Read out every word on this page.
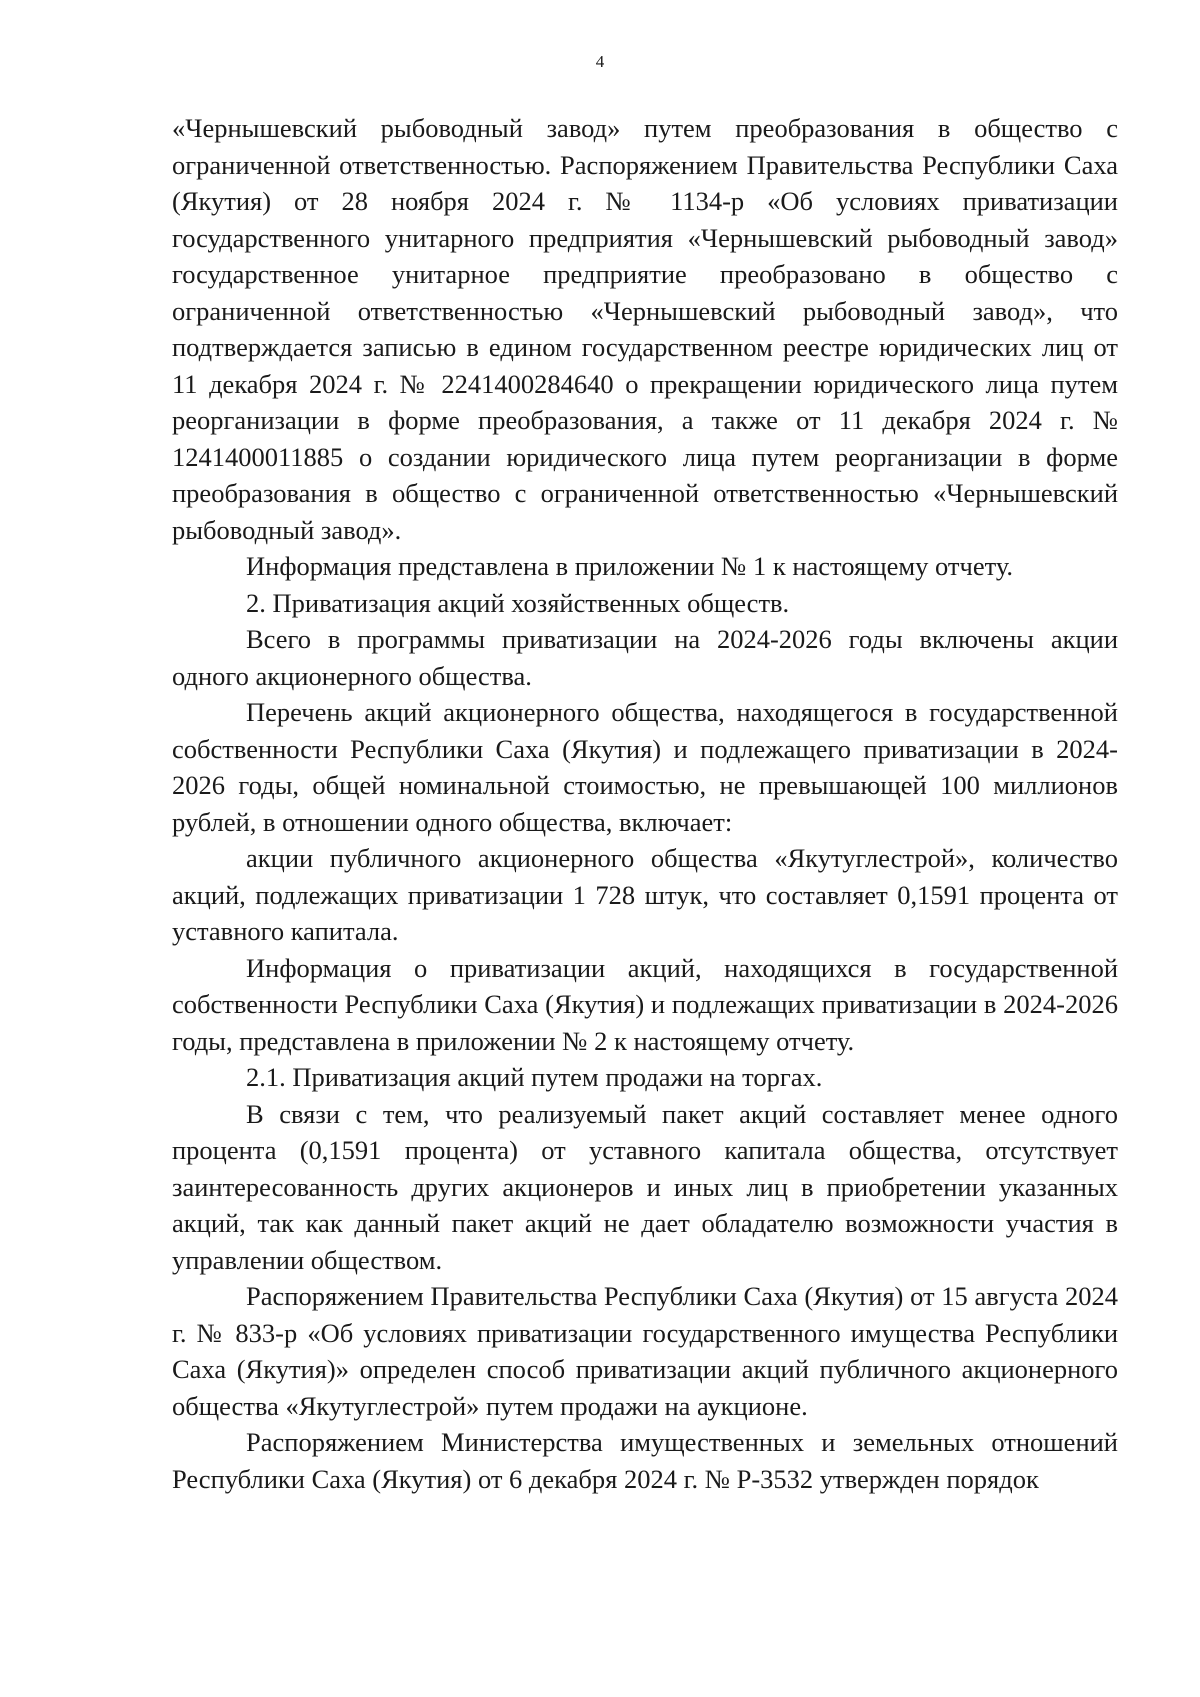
4

«Чернышевский рыбоводный завод» путем преобразования в общество с ограниченной ответственностью. Распоряжением Правительства Республики Саха (Якутия) от 28 ноября 2024 г. № 1134-р «Об условиях приватизации государственного унитарного предприятия «Чернышевский рыбоводный завод» государственное унитарное предприятие преобразовано в общество с ограниченной ответственностью «Чернышевский рыбоводный завод», что подтверждается записью в едином государственном реестре юридических лиц от 11 декабря 2024 г. № 2241400284640 о прекращении юридического лица путем реорганизации в форме преобразования, а также от 11 декабря 2024 г. № 1241400011885 о создании юридического лица путем реорганизации в форме преобразования в общество с ограниченной ответственностью «Чернышевский рыбоводный завод».

Информация представлена в приложении № 1 к настоящему отчету.

2. Приватизация акций хозяйственных обществ.

Всего в программы приватизации на 2024-2026 годы включены акции одного акционерного общества.

Перечень акций акционерного общества, находящегося в государственной собственности Республики Саха (Якутия) и подлежащего приватизации в 2024-2026 годы, общей номинальной стоимостью, не превышающей 100 миллионов рублей, в отношении одного общества, включает:

акции публичного акционерного общества «Якутуглестрой», количество акций, подлежащих приватизации 1 728 штук, что составляет 0,1591 процента от уставного капитала.

Информация о приватизации акций, находящихся в государственной собственности Республики Саха (Якутия) и подлежащих приватизации в 2024-2026 годы, представлена в приложении № 2 к настоящему отчету.

2.1. Приватизация акций путем продажи на торгах.

В связи с тем, что реализуемый пакет акций составляет менее одного процента (0,1591 процента) от уставного капитала общества, отсутствует заинтересованность других акционеров и иных лиц в приобретении указанных акций, так как данный пакет акций не дает обладателю возможности участия в управлении обществом.

Распоряжением Правительства Республики Саха (Якутия) от 15 августа 2024 г. № 833-р «Об условиях приватизации государственного имущества Республики Саха (Якутия)» определен способ приватизации акций публичного акционерного общества «Якутуглестрой» путем продажи на аукционе.

Распоряжением Министерства имущественных и земельных отношений Республики Саха (Якутия) от 6 декабря 2024 г. № Р-3532 утвержден порядок
